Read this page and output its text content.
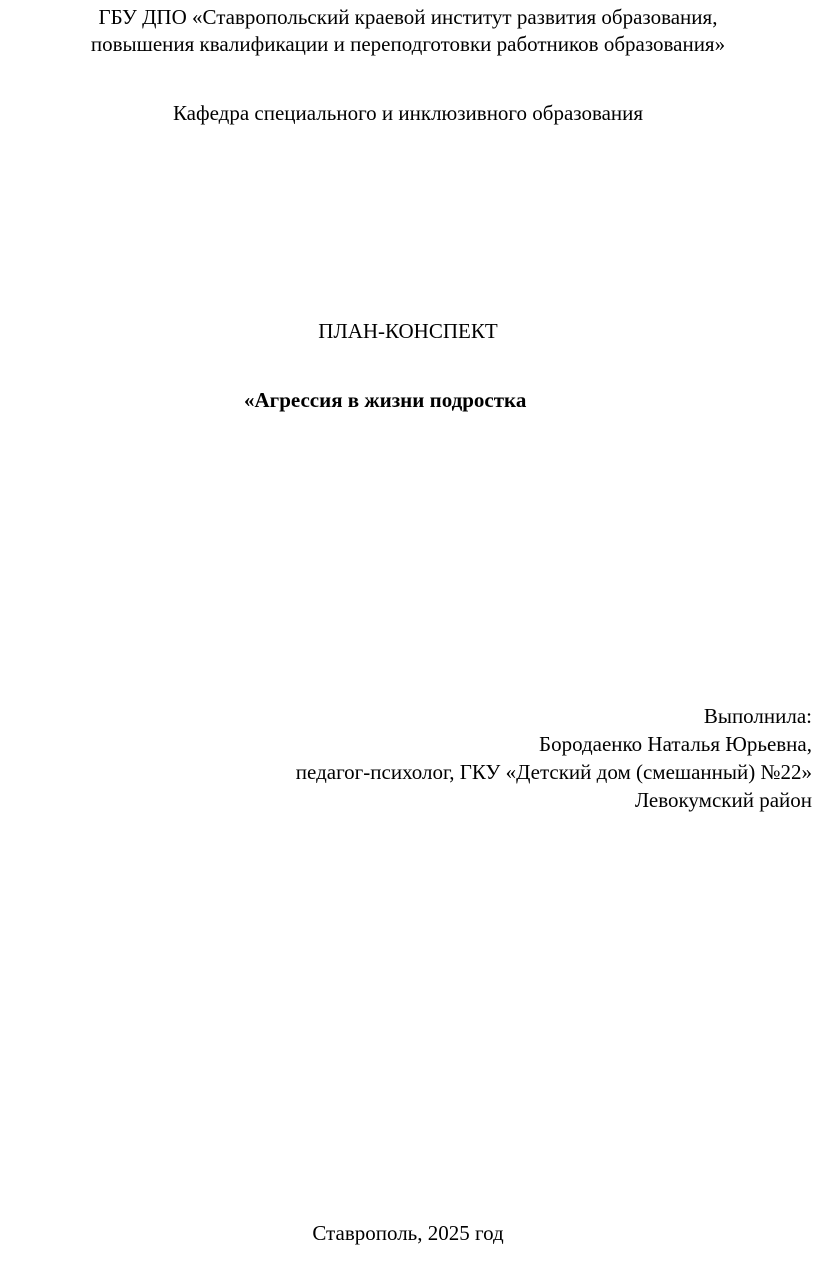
ГБУ ДПО «Ставропольский краевой институт развития образования,
повышения квалификации и переподготовки работников образования»
Кафедра специального и инклюзивного образования
ПЛАН-КОНСПЕКТ
«Агрессия в жизни подростка
Выполнила:
Бородаенко Наталья Юрьевна,
педагог-психолог, ГКУ «Детский дом (смешанный) №22»
Левокумский район
Ставрополь, 2025 год
